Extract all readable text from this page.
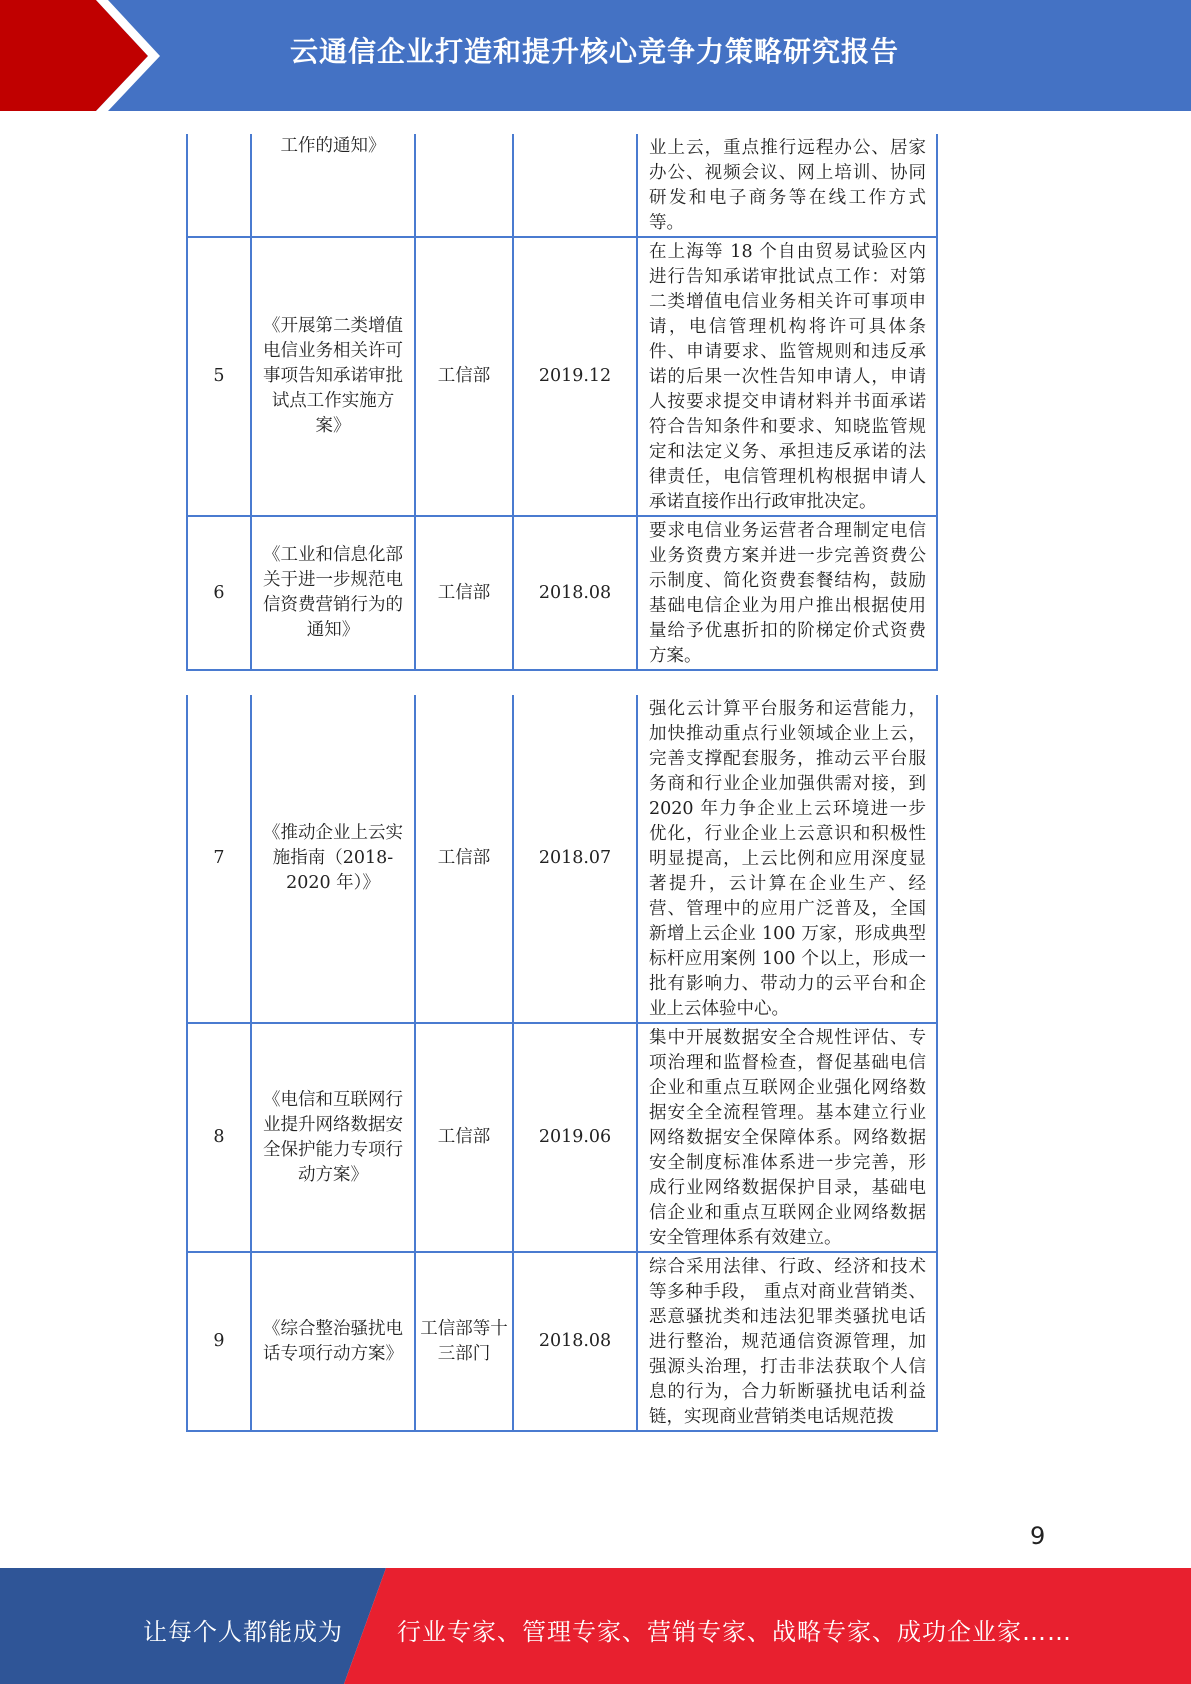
云通信企业打造和提升核心竞争力策略研究报告
	工作的通知》			业上云，重点推行远程办公、居家办公、视频会议、网上培训、协同研发和电子商务等在线工作方式等。
5	《开展第二类增值电信业务相关许可事项告知承诺审批试点工作实施方案》	工信部	2019.12	在上海等 18 个自由贸易试验区内进行告知承诺审批试点工作：对第二类增值电信业务相关许可事项申请，电信管理机构将许可具体条件、申请要求、监管规则和违反承诺的后果一次性告知申请人，申请人按要求提交申请材料并书面承诺符合告知条件和要求、知晓监管规定和法定义务、承担违反承诺的法律责任，电信管理机构根据申请人承诺直接作出行政审批决定。
6	《工业和信息化部关于进一步规范电信资费营销行为的通知》	工信部	2018.08	要求电信业务运营者合理制定电信业务资费方案并进一步完善资费公示制度、简化资费套餐结构，鼓励基础电信企业为用户推出根据使用量给予优惠折扣的阶梯定价式资费方案。
7	《推动企业上云实施指南（2018-2020 年）》	工信部	2018.07	强化云计算平台服务和运营能力，加快推动重点行业领域企业上云，完善支撑配套服务，推动云平台服务商和行业企业加强供需对接，到 2020 年力争企业上云环境进一步优化，行业企业上云意识和积极性明显提高，上云比例和应用深度显著提升，云计算在企业生产、经营、管理中的应用广泛普及，全国新增上云企业 100 万家，形成典型标杆应用案例 100 个以上，形成一批有影响力、带动力的云平台和企业上云体验中心。
8	《电信和互联网行业提升网络数据安全保护能力专项行动方案》	工信部	2019.06	集中开展数据安全合规性评估、专项治理和监督检查，督促基础电信企业和重点互联网企业强化网络数据安全全流程管理。基本建立行业网络数据安全保障体系。网络数据安全制度标准体系进一步完善，形成行业网络数据保护目录，基础电信企业和重点互联网企业网络数据安全管理体系有效建立。
9	《综合整治骚扰电话专项行动方案》	工信部等十三部门	2018.08	综合采用法律、行政、经济和技术等多种手段， 重点对商业营销类、恶意骚扰类和违法犯罪类骚扰电话进行整治，规范通信资源管理，加强源头治理，打击非法获取个人信息的行为，合力斩断骚扰电话利益链，实现商业营销类电话规范拨
9
让每个人都能成为 行业专家、管理专家、营销专家、战略专家、成功企业家……
